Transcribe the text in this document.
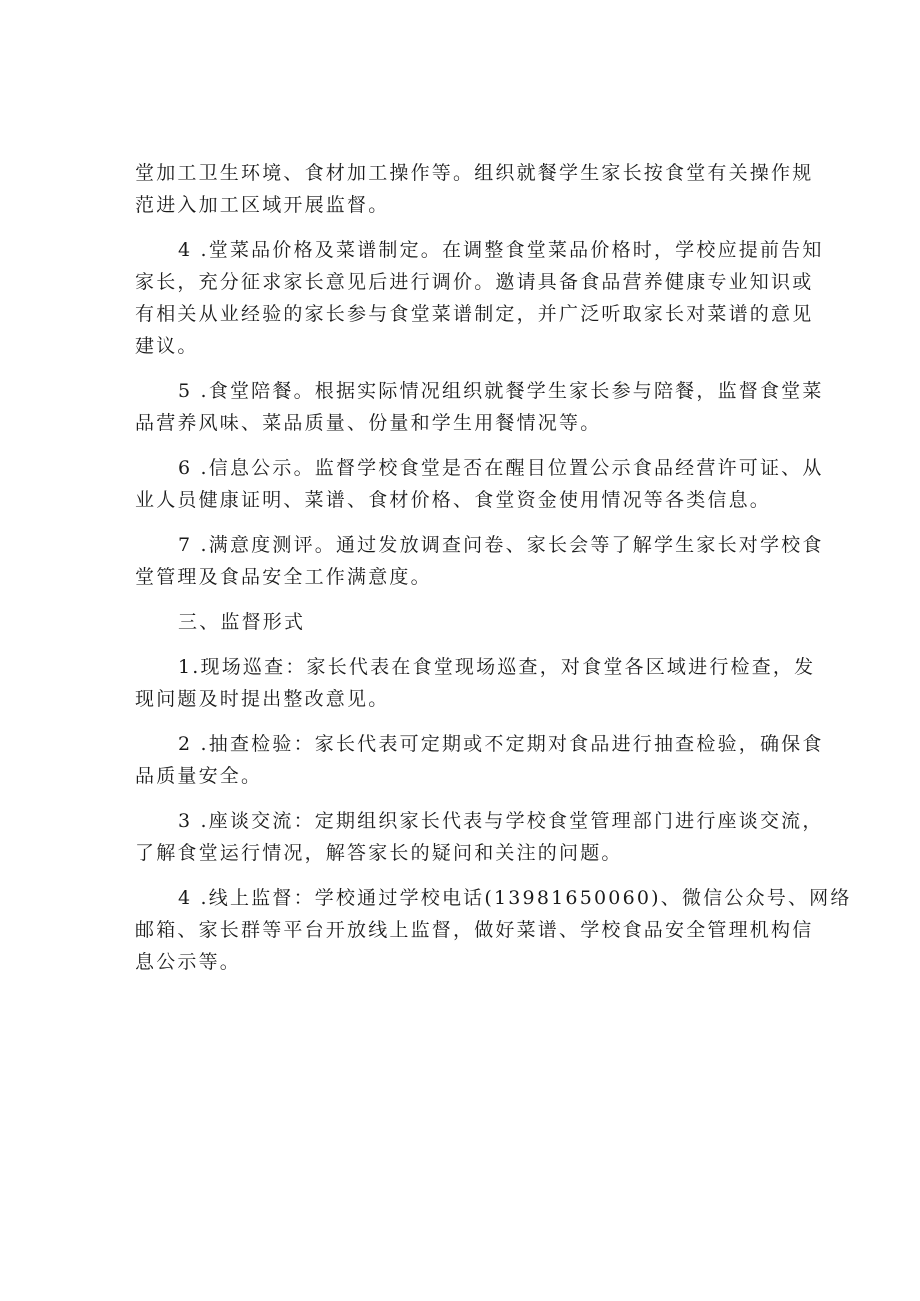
堂加工卫生环境、食材加工操作等。组织就餐学生家长按食堂有关操作规
范进入加工区域开展监督。
4 .堂菜品价格及菜谱制定。在调整食堂菜品价格时，学校应提前告知
家长，充分征求家长意见后进行调价。邀请具备食品营养健康专业知识或
有相关从业经验的家长参与食堂菜谱制定，并广泛听取家长对菜谱的意见
建议。
5 .食堂陪餐。根据实际情况组织就餐学生家长参与陪餐，监督食堂菜
品营养风味、菜品质量、份量和学生用餐情况等。
6 .信息公示。监督学校食堂是否在醒目位置公示食品经营许可证、从
业人员健康证明、菜谱、食材价格、食堂资金使用情况等各类信息。
7 .满意度测评。通过发放调查问卷、家长会等了解学生家长对学校食
堂管理及食品安全工作满意度。
三、监督形式
1.现场巡查：家长代表在食堂现场巡查，对食堂各区域进行检查，发
现问题及时提出整改意见。
2 .抽查检验：家长代表可定期或不定期对食品进行抽查检验，确保食
品质量安全。
3 .座谈交流：定期组织家长代表与学校食堂管理部门进行座谈交流，
了解食堂运行情况，解答家长的疑问和关注的问题。
4 .线上监督：学校通过学校电话(13981650060)、微信公众号、网络
邮箱、家长群等平台开放线上监督，做好菜谱、学校食品安全管理机构信
息公示等。
